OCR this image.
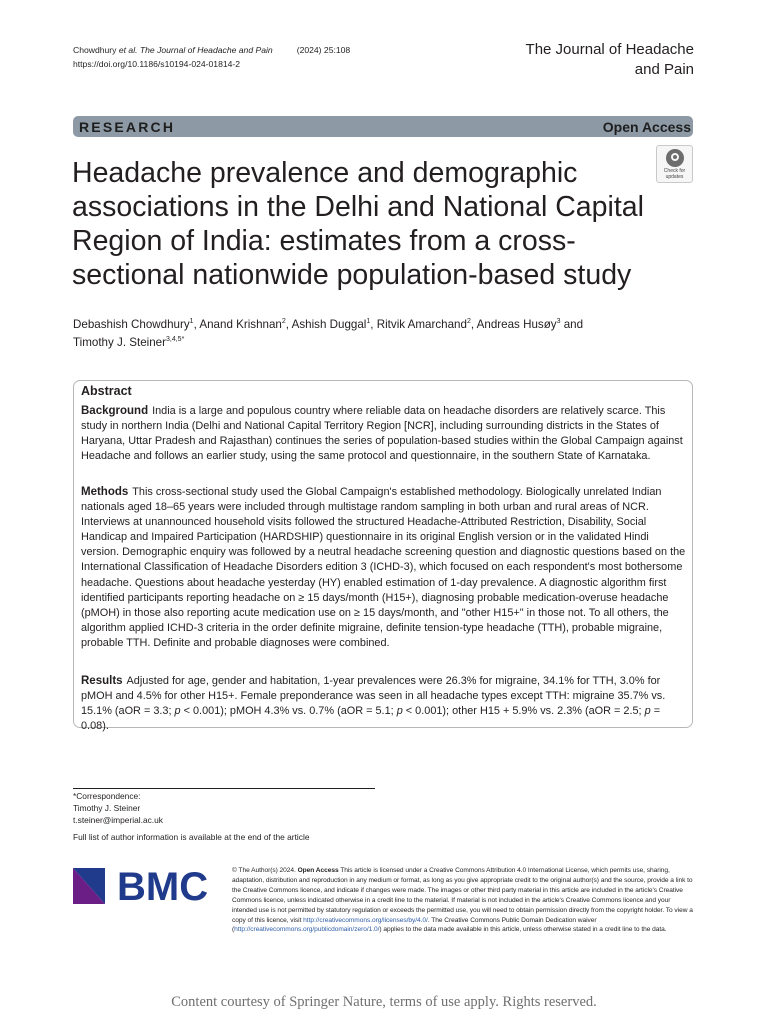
Chowdhury et al. The Journal of Headache and Pain	(2024) 25:108
https://doi.org/10.1186/s10194-024-01814-2
The Journal of Headache
and Pain
RESEARCH	Open Access
Check for
updates
Headache prevalence and demographic
associations in the Delhi and National Capital
Region of India: estimates from a cross-
sectional nationwide population-based study
Debashish Chowdhury$^1$, Anand Krishnan$^2$, Ashish Duggal$^1$, Ritvik Amarchand$^2$, Andreas Husøy$^3$ and
Timothy J. Steiner$^{3,4,5*}$
Abstract
Background India is a large and populous country where reliable data on headache disorders are relatively scarce. This study in northern India (Delhi and National Capital Territory Region [NCR], including surrounding districts in the States of Haryana, Uttar Pradesh and Rajasthan) continues the series of population-based studies within the Global Campaign against Headache and follows an earlier study, using the same protocol and questionnaire, in the southern State of Karnataka.
Methods This cross-sectional study used the Global Campaign's established methodology. Biologically unrelated Indian nationals aged 18–65 years were included through multistage random sampling in both urban and rural areas of NCR. Interviews at unannounced household visits followed the structured Headache-Attributed Restriction, Disability, Social Handicap and Impaired Participation (HARDSHIP) questionnaire in its original English version or in the validated Hindi version. Demographic enquiry was followed by a neutral headache screening question and diagnostic questions based on the International Classification of Headache Disorders edition 3 (ICHD-3), which focused on each respondent's most bothersome headache. Questions about headache yesterday (HY) enabled estimation of 1-day prevalence. A diagnostic algorithm first identified participants reporting headache on ≥ 15 days/month (H15+), diagnosing probable medication-overuse headache (pMOH) in those also reporting acute medication use on ≥ 15 days/month, and "other H15+" in those not. To all others, the algorithm applied ICHD-3 criteria in the order definite migraine, definite tension-type headache (TTH), probable migraine, probable TTH. Definite and probable diagnoses were combined.
Results Adjusted for age, gender and habitation, 1-year prevalences were 26.3% for migraine, 34.1% for TTH, 3.0% for pMOH and 4.5% for other H15+. Female preponderance was seen in all headache types except TTH: migraine 35.7% vs. 15.1% (aOR = 3.3; p < 0.001); pMOH 4.3% vs. 0.7% (aOR = 5.1; p < 0.001); other H15 + 5.9% vs. 2.3% (aOR = 2.5; p = 0.08).
*Correspondence:
Timothy J. Steiner
t.steiner@imperial.ac.uk
Full list of author information is available at the end of the article
BMC	© The Author(s) 2024. Open Access This article is licensed under a Creative Commons Attribution 4.0 International License, which permits use, sharing, adaptation, distribution and reproduction in any medium or format, as long as you give appropriate credit to the original author(s) and the source, provide a link to the Creative Commons licence, and indicate if changes were made. The images or other third party material in this article are included in the article's Creative Commons licence, unless indicated otherwise in a credit line to the material. If material is not included in the article's Creative Commons licence and your intended use is not permitted by statutory regulation or exceeds the permitted use, you will need to obtain permission directly from the copyright holder. To view a copy of this licence, visit http://creativecommons.org/licenses/by/4.0/. The Creative Commons Public Domain Dedication waiver (http://creativecommons.org/publicdomain/zero/1.0/) applies to the data made available in this article, unless otherwise stated in a credit line to the data.
Content courtesy of Springer Nature, terms of use apply. Rights reserved.
